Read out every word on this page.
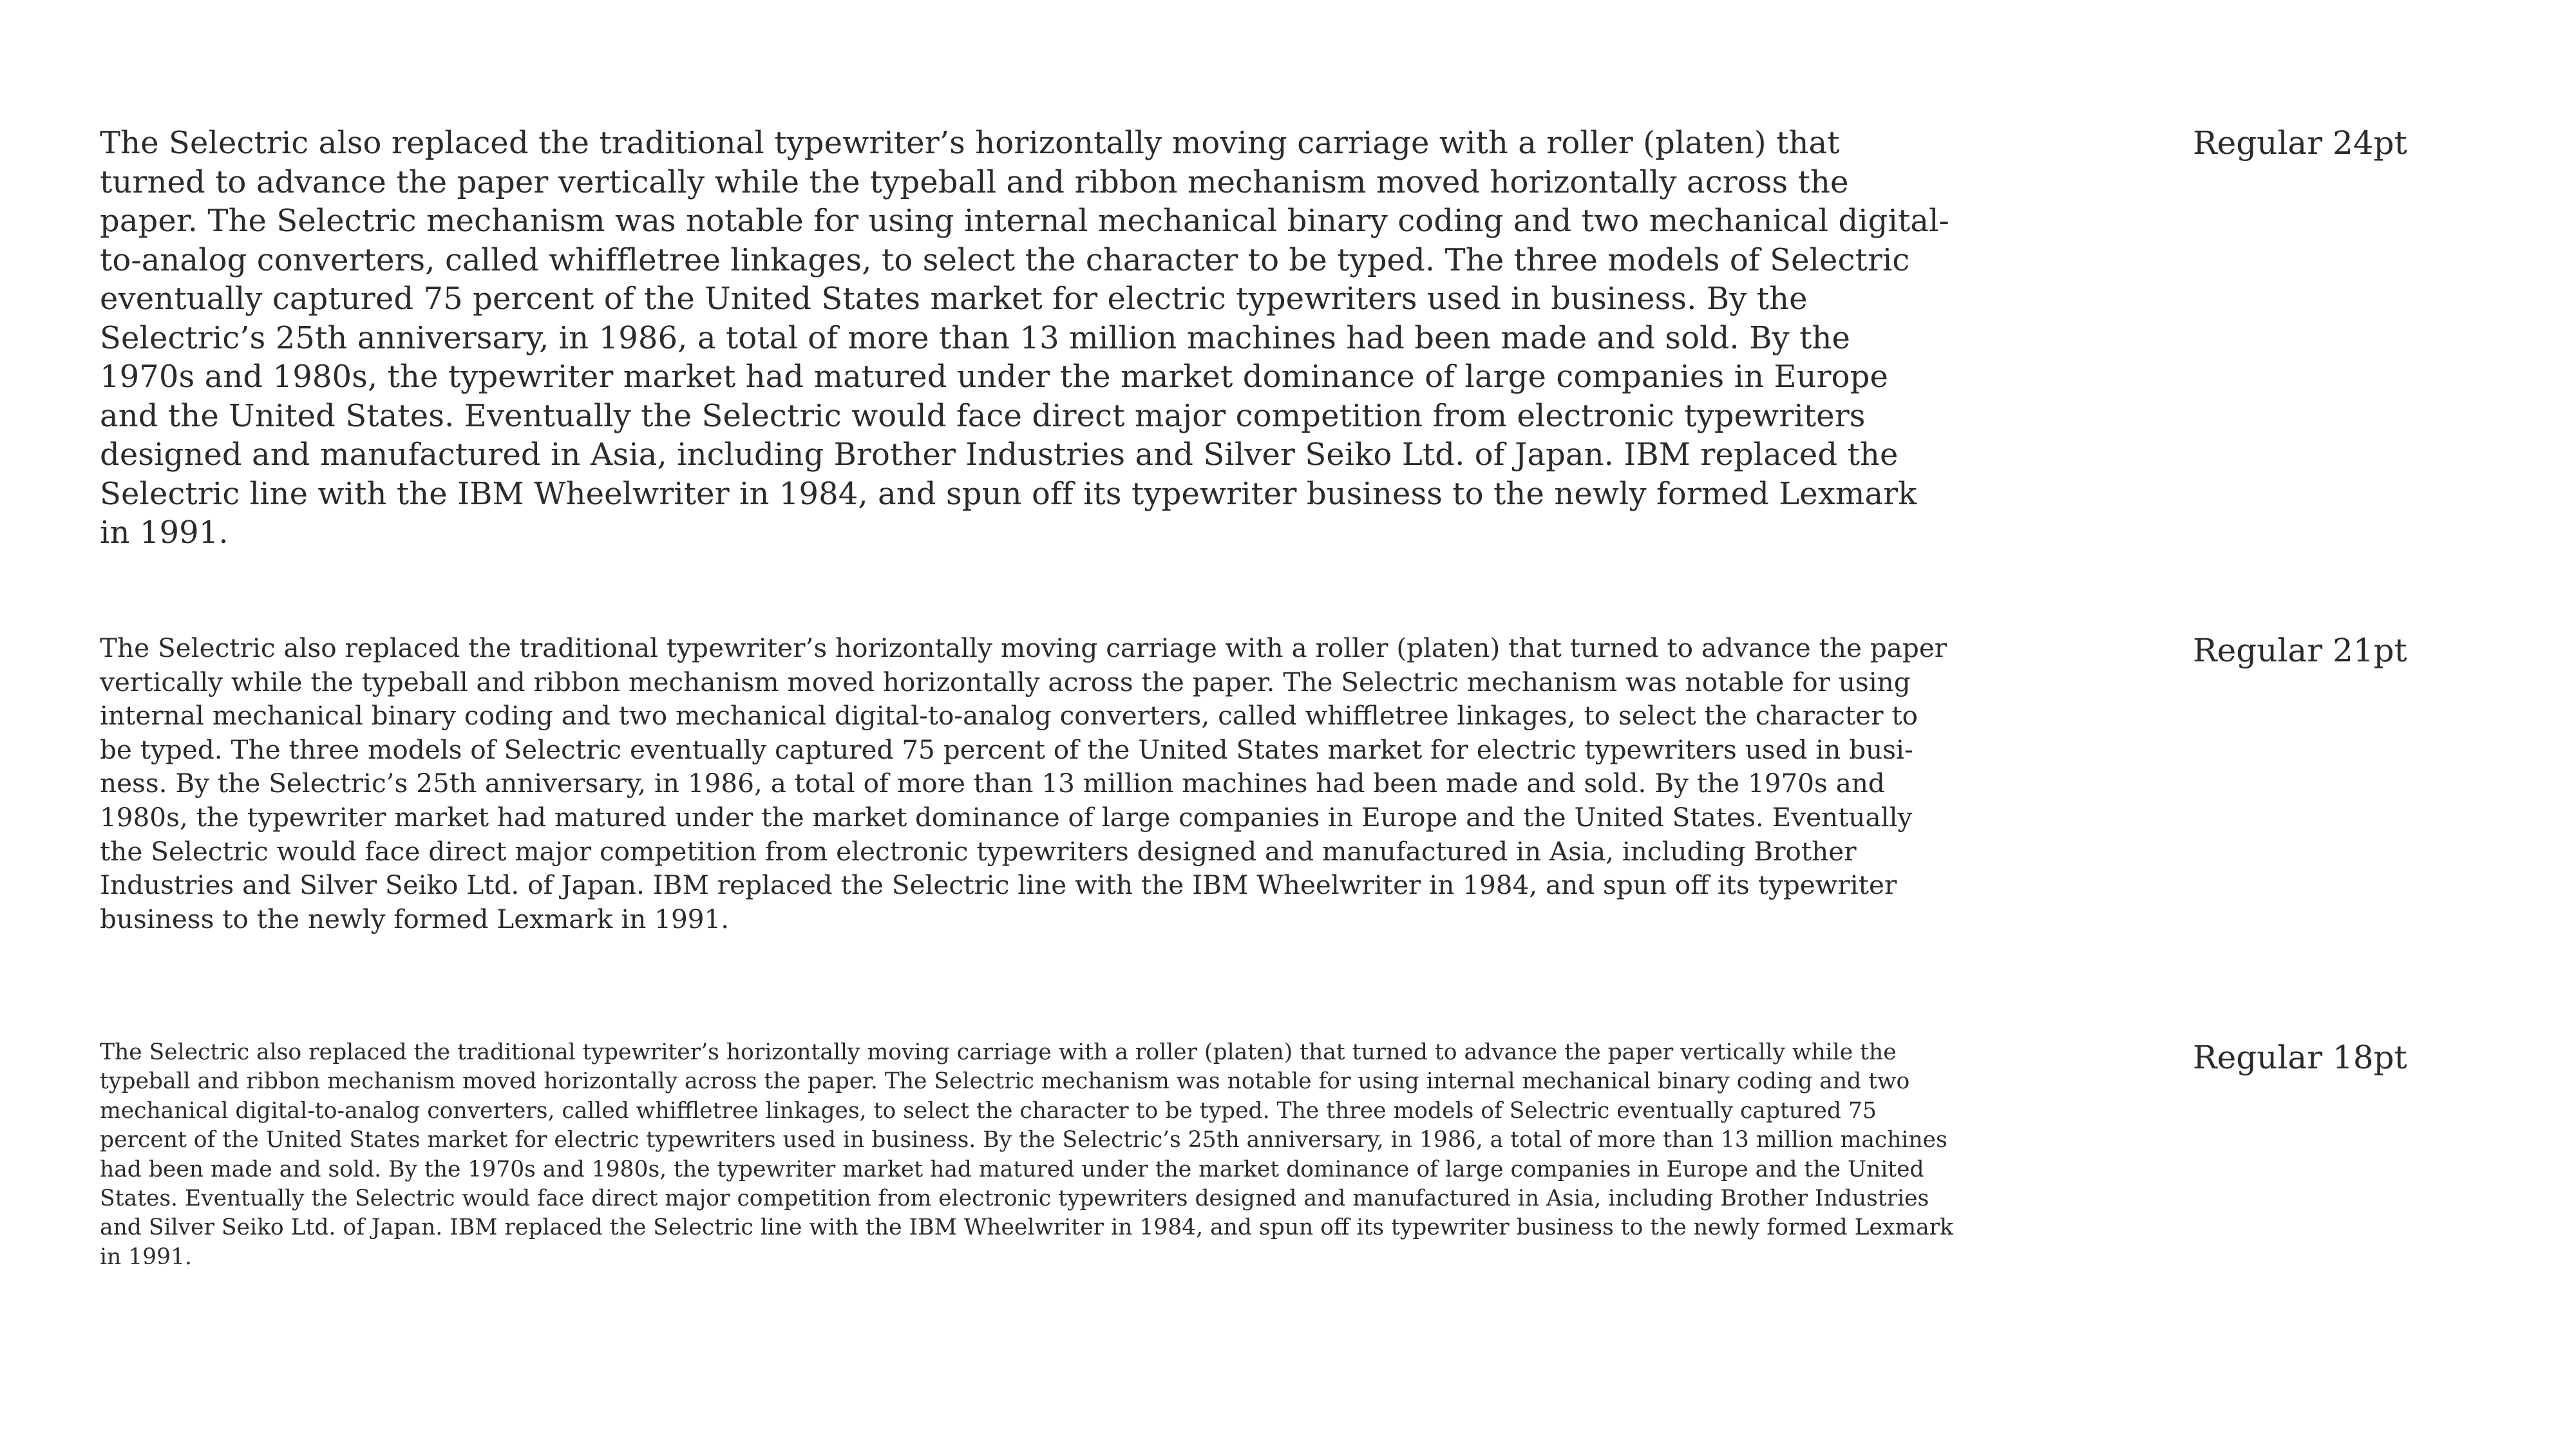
The Selectric also replaced the traditional typewriter’s horizontally moving carriage with a roller (platen) that turned to advance the paper vertically while the typeball and ribbon mechanism moved horizontally across the paper. The Selectric mechanism was notable for using internal mechanical binary coding and two mechanical digital-to-analog converters, called whiffletree linkages, to select the character to be typed. The three models of Selectric eventually captured 75 percent of the United States market for electric typewriters used in business. By the Selectric’s 25th anniversary, in 1986, a total of more than 13 million machines had been made and sold. By the 1970s and 1980s, the typewriter market had matured under the market dominance of large companies in Europe and the United States. Eventually the Selectric would face direct major competition from electronic typewriters designed and manufactured in Asia, including Brother Industries and Silver Seiko Ltd. of Japan. IBM replaced the Selectric line with the IBM Wheelwriter in 1984, and spun off its typewriter business to the newly formed Lexmark in 1991.

Regular 24pt

The Selectric also replaced the traditional typewriter’s horizontally moving carriage with a roller (platen) that turned to advance the paper vertically while the typeball and ribbon mechanism moved horizontally across the paper. The Selectric mechanism was notable for using internal mechanical binary coding and two mechanical digital-to-analog converters, called whiffletree linkages, to select the character to be typed. The three models of Selectric eventually captured 75 percent of the United States market for electric typewriters used in business. By the Selectric’s 25th anniversary, in 1986, a total of more than 13 million machines had been made and sold. By the 1970s and 1980s, the typewriter market had matured under the market dominance of large companies in Europe and the United States. Eventually the Selectric would face direct major competition from electronic typewriters designed and manufactured in Asia, including Brother Industries and Silver Seiko Ltd. of Japan. IBM replaced the Selectric line with the IBM Wheelwriter in 1984, and spun off its typewriter business to the newly formed Lexmark in 1991.

Regular 21pt

The Selectric also replaced the traditional typewriter’s horizontally moving carriage with a roller (platen) that turned to advance the paper vertically while the typeball and ribbon mechanism moved horizontally across the paper. The Selectric mechanism was notable for using internal mechanical binary coding and two mechanical digital-to-analog converters, called whiffletree linkages, to select the character to be typed. The three models of Selectric eventually captured 75 percent of the United States market for electric typewriters used in business. By the Selectric’s 25th anniversary, in 1986, a total of more than 13 million machines had been made and sold. By the 1970s and 1980s, the typewriter market had matured under the market dominance of large companies in Europe and the United States. Eventually the Selectric would face direct major competition from electronic typewriters designed and manufactured in Asia, including Brother Industries and Silver Seiko Ltd. of Japan. IBM replaced the Selectric line with the IBM Wheelwriter in 1984, and spun off its typewriter business to the newly formed Lexmark in 1991.

Regular 18pt
